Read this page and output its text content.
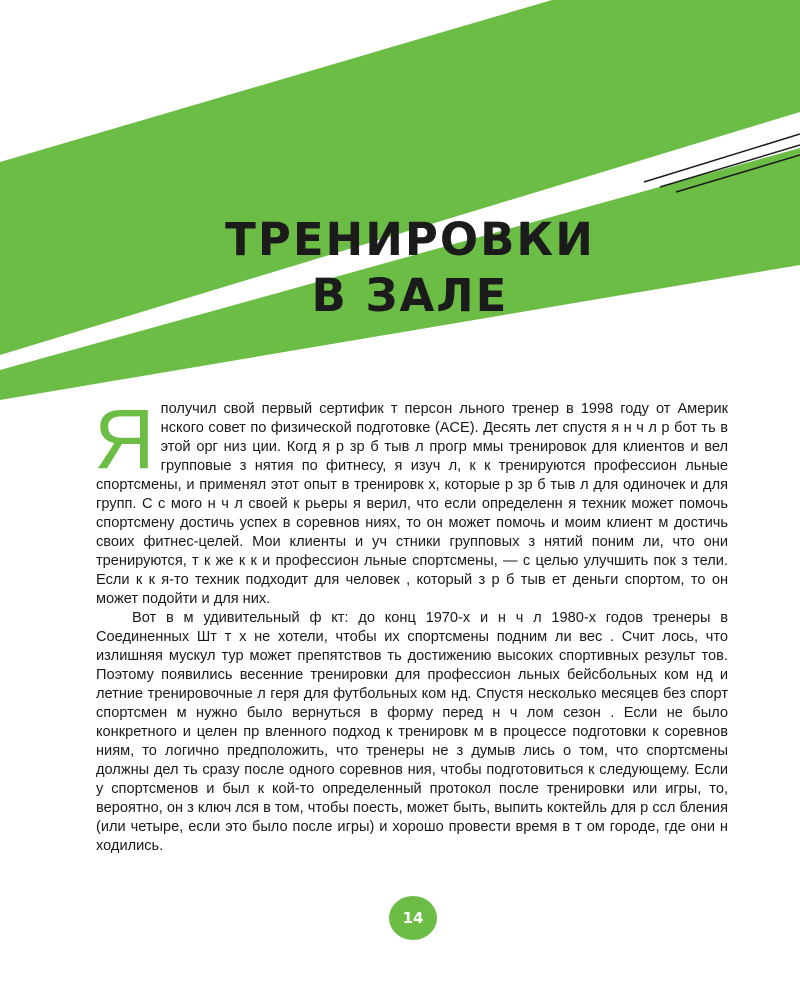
ТРЕНИРОВКИ
В ЗАЛЕ

Яполучил свой первый сертифик т персон льного тренер в 1998 году от Америк нского совет по физической подготовке (ACE). Десять лет спустя я н ч л р бот ть в этой орг низ ции. Когд я р зр б тыв л прогр ммы тренировок для клиентов и вел групповые з нятия по фитнесу, я изуч л, к к тренируются профессион льные спортсмены, и применял этот опыт в тренировк х, которые р зр б тыв л для одиночек и для групп. С с мого н ч л своей к рьеры я верил, что если определенн я техник может помочь спортсмену достичь успех в соревнов ниях, то он может помочь и моим клиент м достичь своих фитнес-целей. Мои клиенты и уч стники групповых з нятий поним ли, что они тренируются, т к же к к и профессион льные спортсмены, — с целью улучшить пок з тели. Если к к я-то техник подходит для человек , который з р б тыв ет деньги спортом, то он может подойти и для них.

Вот в м удивительный ф кт: до конц 1970-х и н ч л 1980-х годов тренеры в Соединенных Шт т х не хотели, чтобы их спортсмены подним ли вес . Счит лось, что излишняя мускул тур может препятствов ть достижению высоких спортивных результ тов. Поэтому появились весенние тренировки для профессион льных бейсбольных ком нд и летние тренировочные л геря для футбольных ком нд. Спустя несколько месяцев без спорт спортсмен м нужно было вернуться в форму перед н ч лом сезон . Если не было конкретного и целен пр вленного подход к тренировк м в процессе подготовки к соревнов ниям, то логично предположить, что тренеры не з думыв лись о том, что спортсмены должны дел ть сразу после одного соревнов ния, чтобы подготовиться к следующему. Если у спортсменов и был к кой-то определенный протокол после тренировки или игры, то, вероятно, он з ключ лся в том, чтобы поесть, может быть, выпить коктейль для р ссл бления (или четыре, если это было после игры) и хорошо провести время в т ом городе, где они н ходились.

14
